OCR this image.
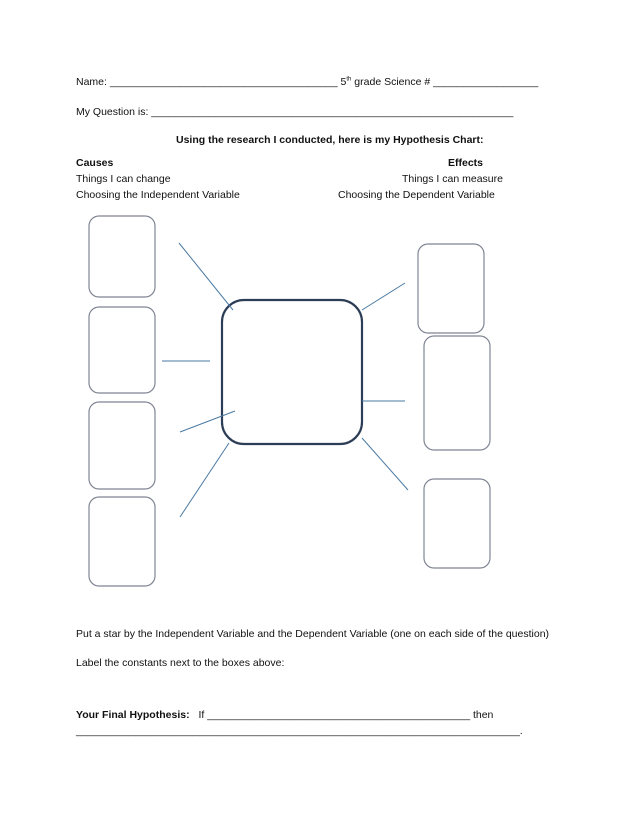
Name: _______________________________________ 5th grade Science # __________________
My Question is: ______________________________________________________________
Using the research I conducted, here is my Hypothesis Chart:
Causes
Things I can change
Choosing the Independent Variable
Effects
Things I can measure
Choosing the Dependent Variable
Put a star by the Independent Variable and the Dependent Variable (one on each side of the question)
Label the constants next to the boxes above:
Your Final Hypothesis: If _____________________________________________ then
____________________________________________________________________________.
